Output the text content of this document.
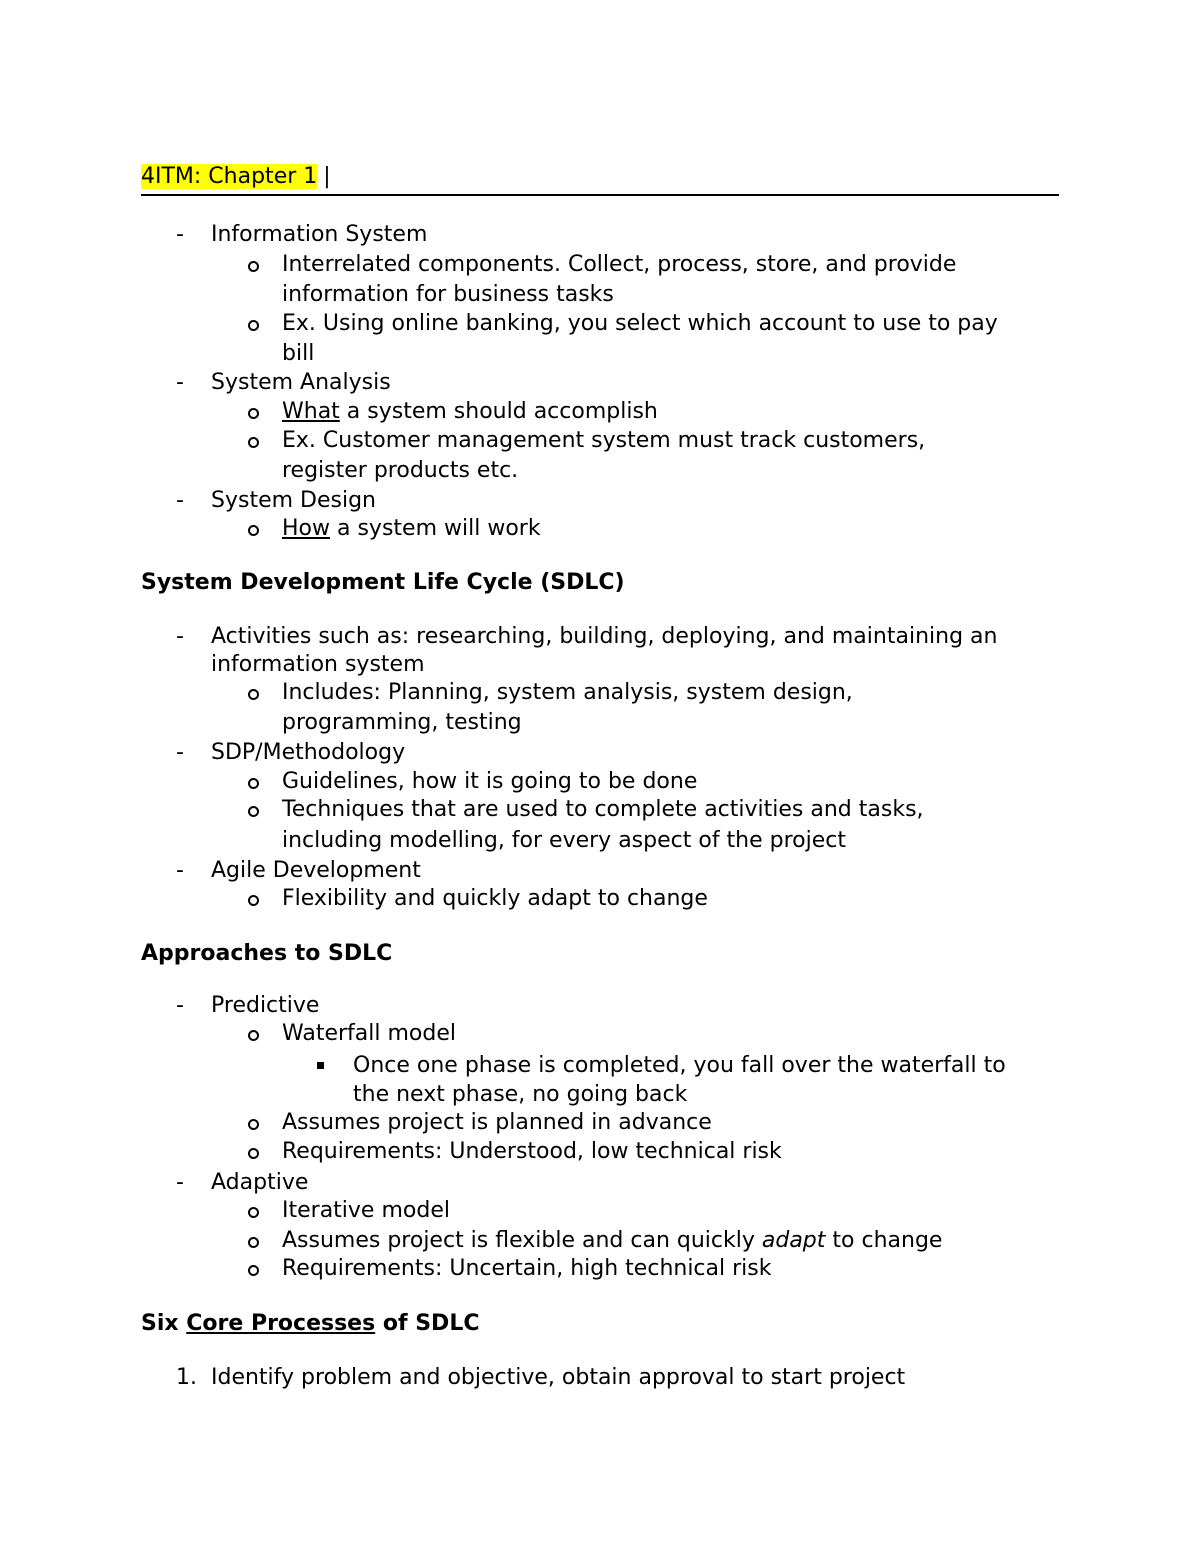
4ITM: Chapter 1 |
- Information System
Interrelated components. Collect, process, store, and provide
information for business tasks
Ex. Using online banking, you select which account to use to pay
bill
- System Analysis
What a system should accomplish
Ex. Customer management system must track customers,
register products etc.
- System Design
How a system will work
System Development Life Cycle (SDLC)
- Activities such as: researching, building, deploying, and maintaining an
information system
Includes: Planning, system analysis, system design,
programming, testing
- SDP/Methodology
Guidelines, how it is going to be done
Techniques that are used to complete activities and tasks,
including modelling, for every aspect of the project
- Agile Development
Flexibility and quickly adapt to change
Approaches to SDLC
- Predictive
Waterfall model
Once one phase is completed, you fall over the waterfall to
the next phase, no going back
Assumes project is planned in advance
Requirements: Understood, low technical risk
- Adaptive
Iterative model
Assumes project is flexible and can quickly adapt to change
Requirements: Uncertain, high technical risk
Six Core Processes of SDLC
1. Identify problem and objective, obtain approval to start project
